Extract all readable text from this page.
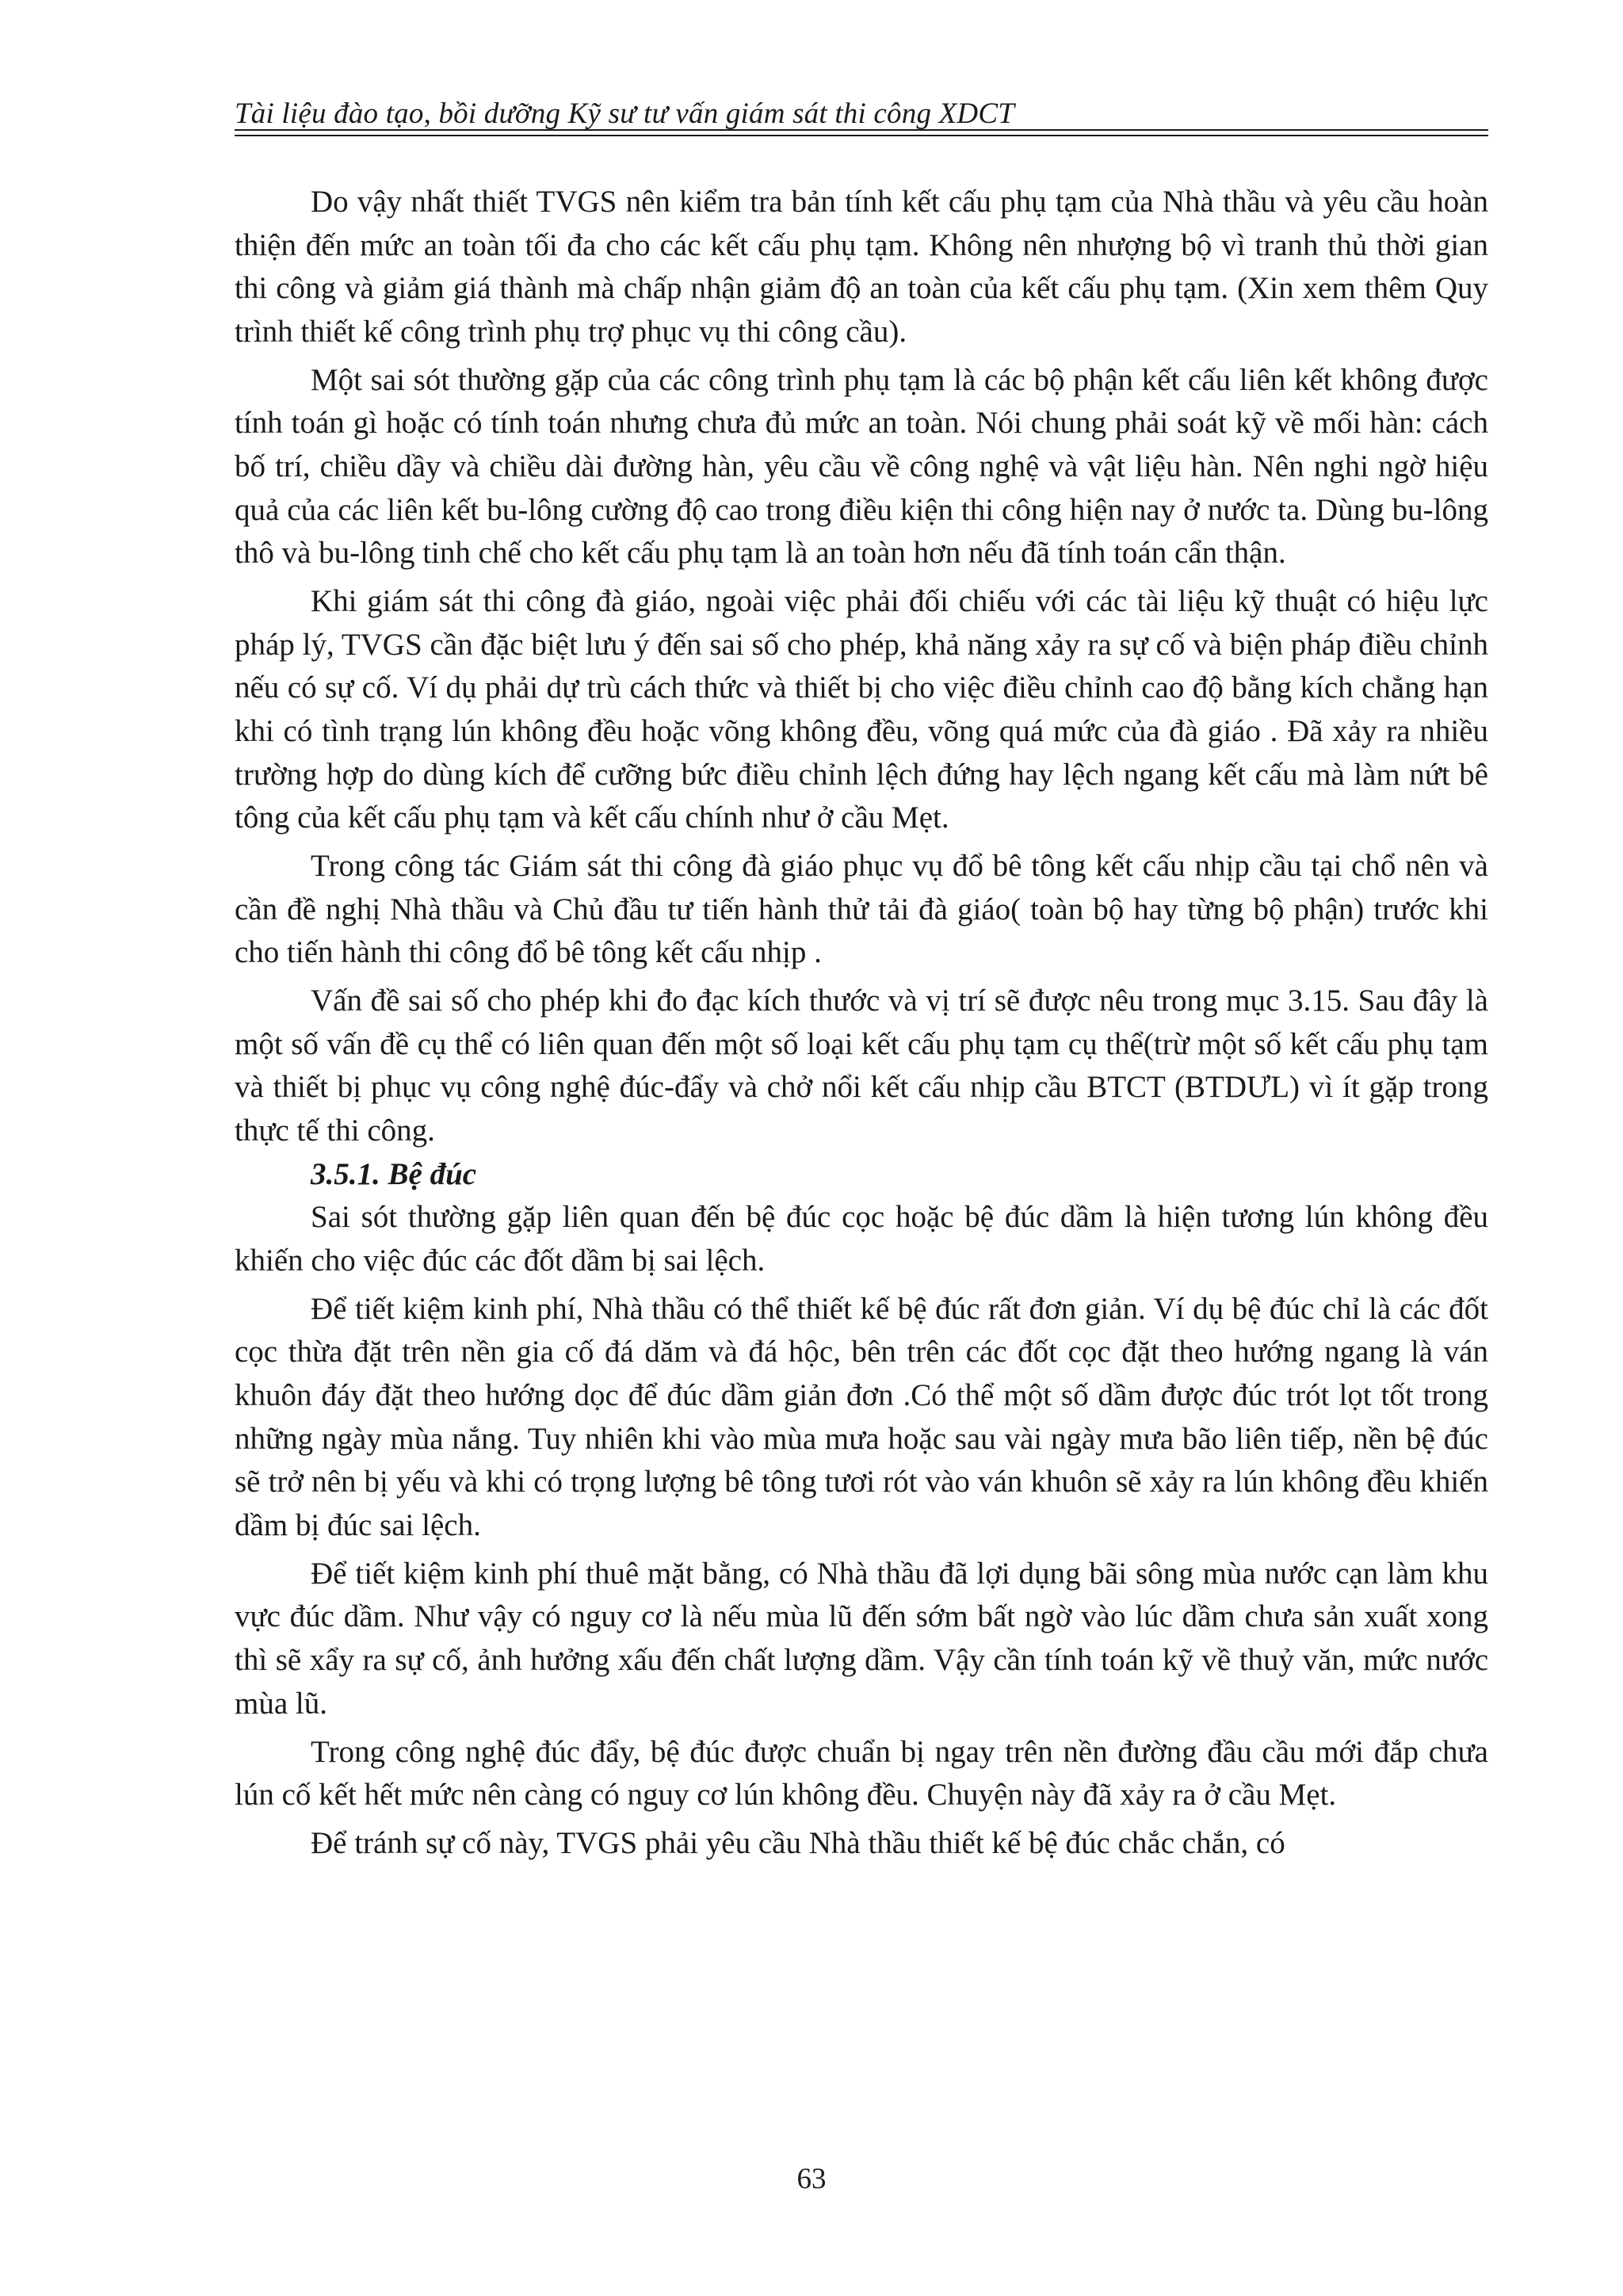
Tài liệu đào tạo, bồi dưỡng Kỹ sư tư vấn giám sát thi công XDCT

Do vậy nhất thiết TVGS nên kiểm tra bản tính kết cấu phụ tạm của Nhà thầu và yêu cầu hoàn thiện đến mức an toàn tối đa cho các kết cấu phụ tạm. Không nên nhượng bộ vì tranh thủ thời gian thi công và giảm giá thành mà chấp nhận giảm độ an toàn của kết cấu phụ tạm. (Xin xem thêm Quy trình thiết kế công trình phụ trợ phục vụ thi công cầu).

Một sai sót thường gặp của các công trình phụ tạm là các bộ phận kết cấu liên kết không được tính toán gì hoặc có tính toán nhưng chưa đủ mức an toàn. Nói chung phải soát kỹ về mối hàn: cách bố trí, chiều dầy và chiều dài đường hàn, yêu cầu về công nghệ và vật liệu hàn. Nên nghi ngờ hiệu quả của các liên kết bu-lông cường độ cao trong điều kiện thi công hiện nay ở nước ta. Dùng bu-lông thô và bu-lông tinh chế cho kết cấu phụ tạm là an toàn hơn nếu đã tính toán cẩn thận.

Khi giám sát thi công đà giáo, ngoài việc phải đối chiếu với các tài liệu kỹ thuật có hiệu lực pháp lý, TVGS cần đặc biệt lưu ý đến sai số cho phép, khả năng xảy ra sự cố và biện pháp điều chỉnh nếu có sự cố. Ví dụ phải dự trù cách thức và thiết bị cho việc điều chỉnh cao độ bằng kích chẳng hạn khi có tình trạng lún không đều hoặc võng không đều, võng quá mức của đà giáo . Đã xảy ra nhiều trường hợp do dùng kích để cưỡng bức điều chỉnh lệch đứng hay lệch ngang kết cấu mà làm nứt bê tông của kết cấu phụ tạm và kết cấu chính như ở cầu Mẹt.

Trong công tác Giám sát thi công đà giáo phục vụ đổ bê tông kết cấu nhịp cầu tại chổ nên và cần đề nghị Nhà thầu và Chủ đầu tư tiến hành thử tải đà giáo( toàn bộ hay từng bộ phận) trước khi cho tiến hành thi công đổ bê tông kết cấu nhịp .

Vấn đề sai số cho phép khi đo đạc kích thước và vị trí sẽ được nêu trong mục 3.15. Sau đây là một số vấn đề cụ thể có liên quan đến một số loại kết cấu phụ tạm cụ thể(trừ một số kết cấu phụ tạm và thiết bị phục vụ công nghệ đúc-đẩy và chở nổi kết cấu nhịp cầu BTCT (BTDƯL) vì ít gặp trong thực tế thi công.

3.5.1. Bệ đúc

Sai sót thường gặp liên quan đến bệ đúc cọc hoặc bệ đúc dầm là hiện tương lún không đều khiến cho việc đúc các đốt dầm bị sai lệch.

Để tiết kiệm kinh phí, Nhà thầu có thể thiết kế bệ đúc rất đơn giản. Ví dụ bệ đúc chỉ là các đốt cọc thừa đặt trên nền gia cố đá dăm và đá hộc, bên trên các đốt cọc đặt theo hướng ngang là ván khuôn đáy đặt theo hướng dọc để đúc dầm giản đơn .Có thể một số dầm được đúc trót lọt tốt trong những ngày mùa nắng. Tuy nhiên khi vào mùa mưa hoặc sau vài ngày mưa bão liên tiếp, nền bệ đúc sẽ trở nên bị yếu và khi có trọng lượng bê tông tươi rót vào ván khuôn sẽ xảy ra lún không đều khiến dầm bị đúc sai lệch.

Để tiết kiệm kinh phí thuê mặt bằng, có Nhà thầu đã lợi dụng bãi sông mùa nước cạn làm khu vực đúc dầm. Như vậy có nguy cơ là nếu mùa lũ đến sớm bất ngờ vào lúc dầm chưa sản xuất xong thì sẽ xẩy ra sự cố, ảnh hưởng xấu đến chất lượng dầm. Vậy cần tính toán kỹ về thuỷ văn, mức nước mùa lũ.

Trong công nghệ đúc đẩy, bệ đúc được chuẩn bị ngay trên nền đường đầu cầu mới đắp chưa lún cố kết hết mức nên càng có nguy cơ lún không đều. Chuyện này đã xảy ra ở cầu Mẹt.

Để tránh sự cố này, TVGS phải yêu cầu Nhà thầu thiết kế bệ đúc chắc chắn, có

63
